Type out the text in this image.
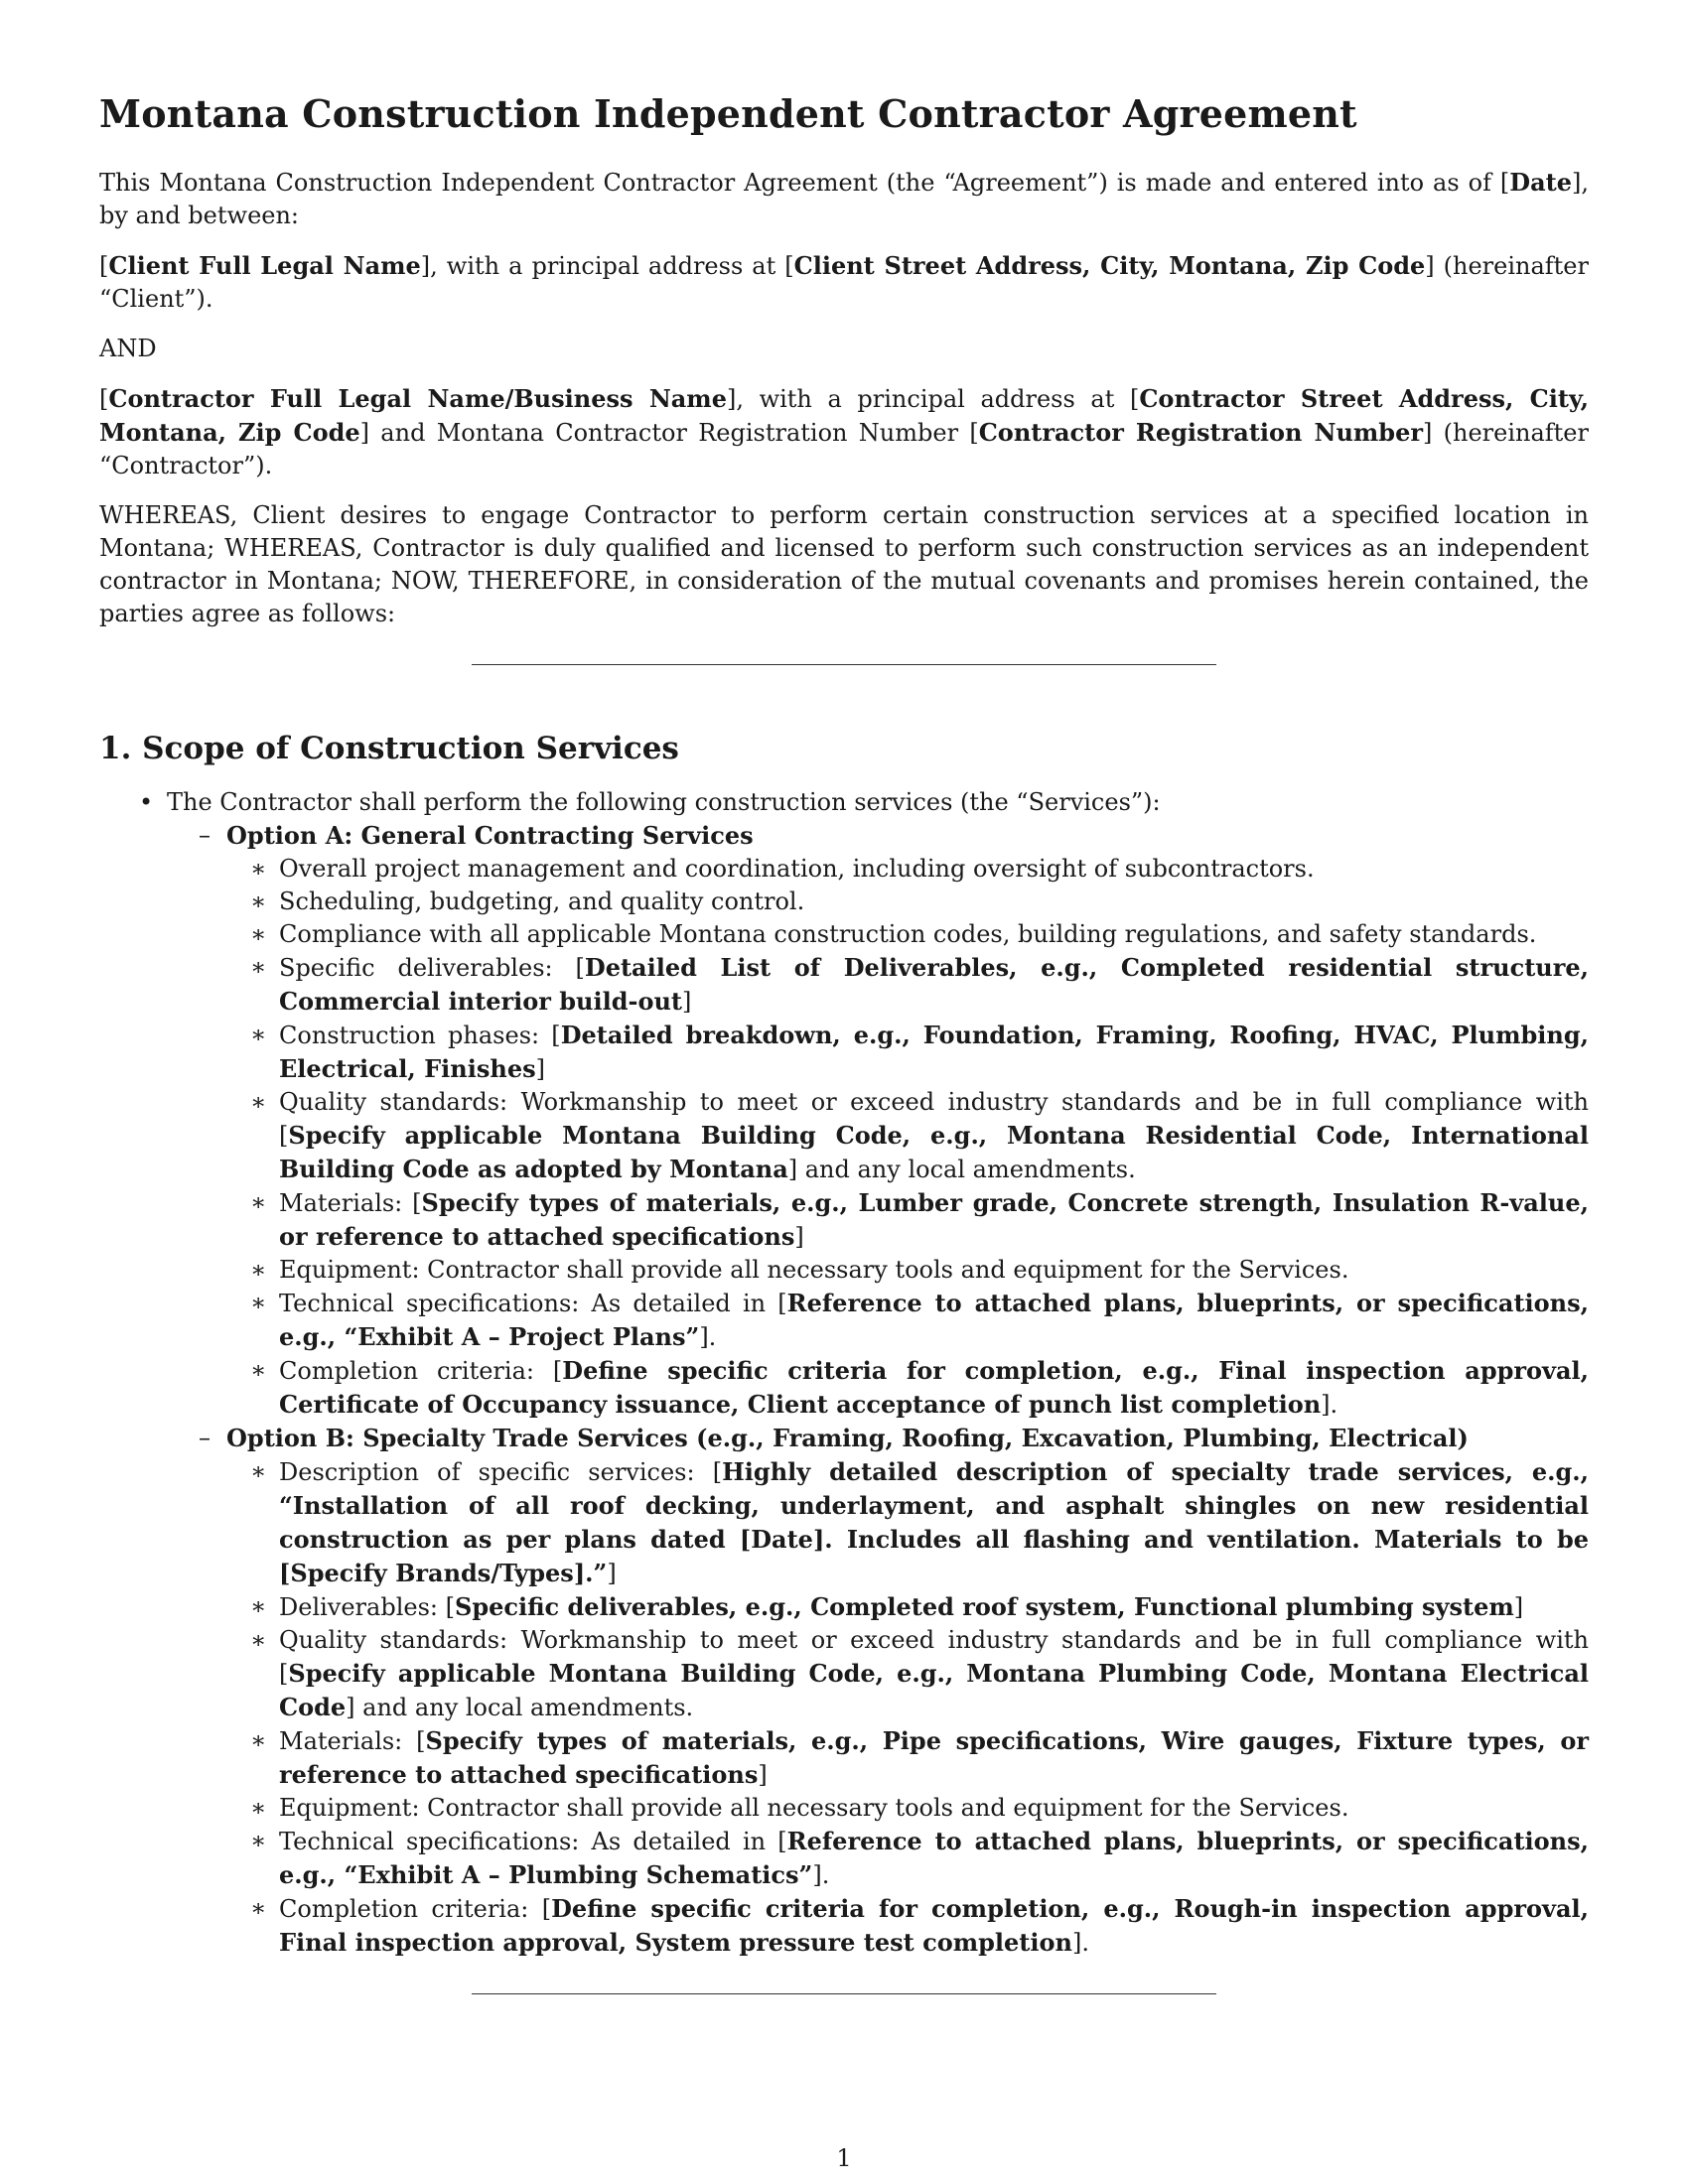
Montana Construction Independent Contractor Agreement

This Montana Construction Independent Contractor Agreement (the “Agreement”) is made and entered into as of [Date], by and between:

[Client Full Legal Name], with a principal address at [Client Street Address, City, Montana, Zip Code] (hereinafter “Client”).

AND

[Contractor Full Legal Name/Business Name], with a principal address at [Contractor Street Address, City, Montana, Zip Code] and Montana Contractor Registration Number [Contractor Registration Number] (hereinafter “Contractor”).

WHEREAS, Client desires to engage Contractor to perform certain construction services at a specified location in Montana; WHEREAS, Contractor is duly qualified and licensed to perform such construction services as an independent contractor in Montana; NOW, THEREFORE, in consideration of the mutual covenants and promises herein contained, the parties agree as follows:

1. Scope of Construction Services
• The Contractor shall perform the following construction services (the “Services”):
– Option A: General Contracting Services
∗ Overall project management and coordination, including oversight of subcontractors.
∗ Scheduling, budgeting, and quality control.
∗ Compliance with all applicable Montana construction codes, building regulations, and safety standards.
∗ Specific deliverables: [Detailed List of Deliverables, e.g., Completed residential structure, Commercial interior build-out]
∗ Construction phases: [Detailed breakdown, e.g., Foundation, Framing, Roofing, HVAC, Plumbing, Electrical, Finishes]
∗ Quality standards: Workmanship to meet or exceed industry standards and be in full compliance with [Specify applicable Montana Building Code, e.g., Montana Residential Code, International Building Code as adopted by Montana] and any local amendments.
∗ Materials: [Specify types of materials, e.g., Lumber grade, Concrete strength, Insulation R-value, or reference to attached specifications]
∗ Equipment: Contractor shall provide all necessary tools and equipment for the Services.
∗ Technical specifications: As detailed in [Reference to attached plans, blueprints, or specifications, e.g., “Exhibit A – Project Plans”].
∗ Completion criteria: [Define specific criteria for completion, e.g., Final inspection approval, Certificate of Occupancy issuance, Client acceptance of punch list completion].
– Option B: Specialty Trade Services (e.g., Framing, Roofing, Excavation, Plumbing, Electrical)
∗ Description of specific services: [Highly detailed description of specialty trade services, e.g., “Installation of all roof decking, underlayment, and asphalt shingles on new residential construction as per plans dated [Date]. Includes all flashing and ventilation. Materials to be [Specify Brands/Types].”]
∗ Deliverables: [Specific deliverables, e.g., Completed roof system, Functional plumbing system]
∗ Quality standards: Workmanship to meet or exceed industry standards and be in full compliance with [Specify applicable Montana Building Code, e.g., Montana Plumbing Code, Montana Electrical Code] and any local amendments.
∗ Materials: [Specify types of materials, e.g., Pipe specifications, Wire gauges, Fixture types, or reference to attached specifications]
∗ Equipment: Contractor shall provide all necessary tools and equipment for the Services.
∗ Technical specifications: As detailed in [Reference to attached plans, blueprints, or specifications, e.g., “Exhibit A – Plumbing Schematics”].
∗ Completion criteria: [Define specific criteria for completion, e.g., Rough-in inspection approval, Final inspection approval, System pressure test completion].
1
